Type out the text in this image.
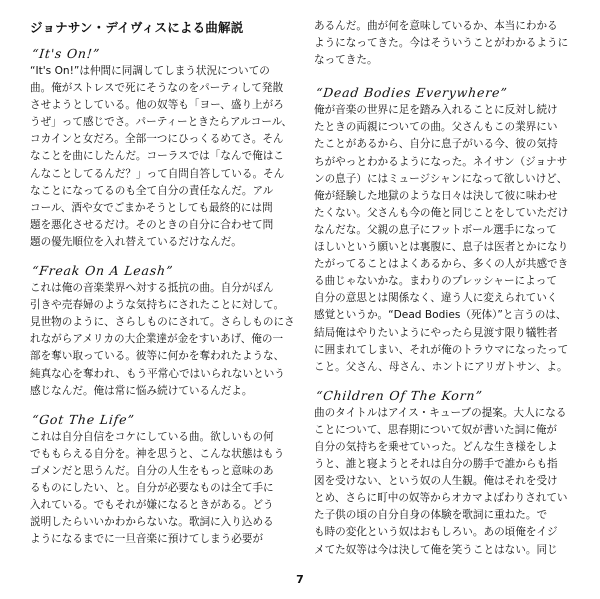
ジョナサン・デイヴィスによる曲解説
“It's On!”
“It's On!”は仲間に同調してしまう状況についての
曲。俺がストレスで死にそうなのをパーティして発散
させようとしている。他の奴等も「ヨー、盛り上がろ
うぜ」って感じでさ。パーティーときたらアルコール、
コカインと女だろ。全部一つにひっくるめてさ。そん
なことを曲にしたんだ。コーラスでは「なんで俺はこ
んなことしてるんだ？」って自問自答している。そん
なことになってるのも全て自分の責任なんだ。アル
コール、酒や女でごまかそうとしても最終的には問
題を悪化させるだけ。そのときの自分に合わせて問
題の優先順位を入れ替えているだけなんだ。
“Freak On A Leash”
これは俺の音楽業界へ対する抵抗の曲。自分がぽん
引きや売春婦のような気持ちにされたことに対して。
見世物のように、さらしものにされて。さらしものにさ
れながらアメリカの大企業達が金をすいあげ、俺の一
部を奪い取っている。彼等に何かを奪われたような、
純真な心を奪われ、もう平常心ではいられないという
感じなんだ。俺は常に悩み続けているんだよ。
“Got The Life”
これは自分自信をコケにしている曲。欲しいもの何
でももらえる自分を。神を思うと、こんな状態はもう
ゴメンだと思うんだ。自分の人生をもっと意味のあ
るものにしたい、と。自分が必要なものは全て手に
入れている。でもそれが嫌になるときがある。どう
説明したらいいかわからないな。歌詞に入り込める
ようになるまでに一旦音楽に預けてしまう必要が
あるんだ。曲が何を意味しているか、本当にわかる
ようになってきた。今はそういうことがわかるように
なってきた。
“Dead Bodies Everywhere”
俺が音楽の世界に足を踏み入れることに反対し続け
たときの両親についての曲。父さんもこの業界にい
たことがあるから、自分に息子がいる今、彼の気持
ちがやっとわかるようになった。ネイサン（ジョナサ
ンの息子）にはミュージシャンになって欲しいけど、
俺が経験した地獄のような日々は決して彼に味わせ
たくない。父さんも今の俺と同じことをしていただけ
なんだな。父親の息子にフットボール選手になって
ほしいという願いとは裏腹に、息子は医者とかになり
たがってることはよくあるから、多くの人が共感でき
る曲じゃないかな。まわりのプレッシャーによって
自分の意思とは関係なく、違う人に変えられていく
感覚というか。“Dead Bodies（死体）”と言うのは、
結局俺はやりたいようにやったら見渡す限り犠牲者
に囲まれてしまい、それが俺のトラウマになったって
こと。父さん、母さん、ホントにアリガトサン、よ。
“Children Of The Korn”
曲のタイトルはアイス・キューブの提案。大人になる
ことについて、思春期について奴が書いた詞に俺が
自分の気持ちを乗せていった。どんな生き様をしよ
うと、誰と寝ようとそれは自分の勝手で誰からも指
図を受けない、という奴の人生観。俺はそれを受け
とめ、さらに町中の奴等からオカマよばわりされてい
た子供の頃の自分自身の体験を歌詞に重ねた。で
も時の変化という奴はおもしろい。あの頃俺をイジ
メてた奴等は今は決して俺を笑うことはない。同じ
7
